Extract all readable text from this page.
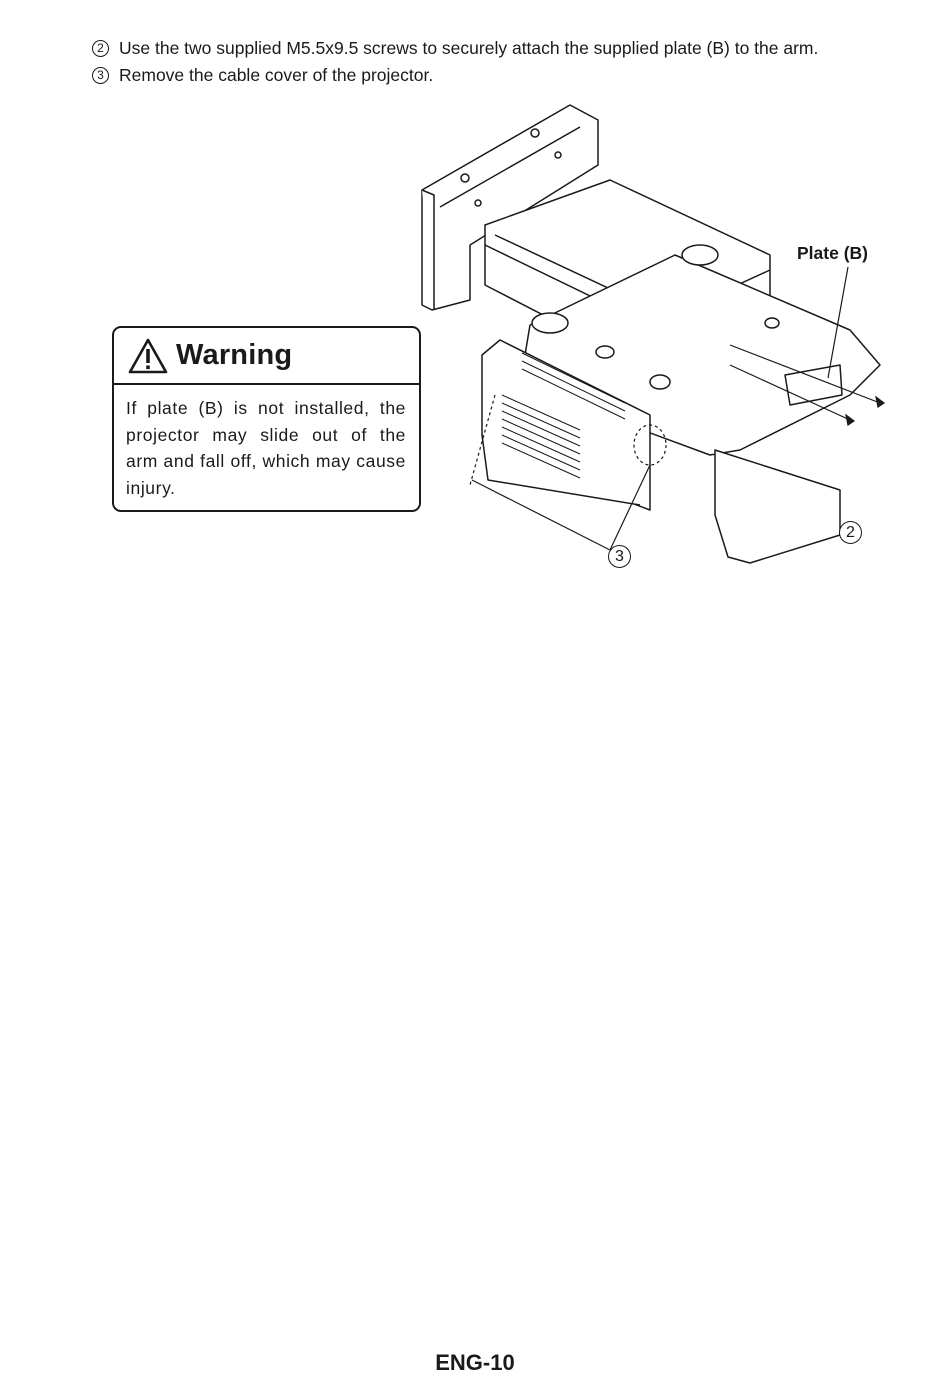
2 Use the two supplied M5.5x9.5 screws to securely attach the supplied plate (B) to the arm.
3 Remove the cable cover of the projector.
Warning
If plate (B) is not installed, the projector may slide out of the arm and fall off, which may cause injury.
Plate (B)
2
3
ENG-10
